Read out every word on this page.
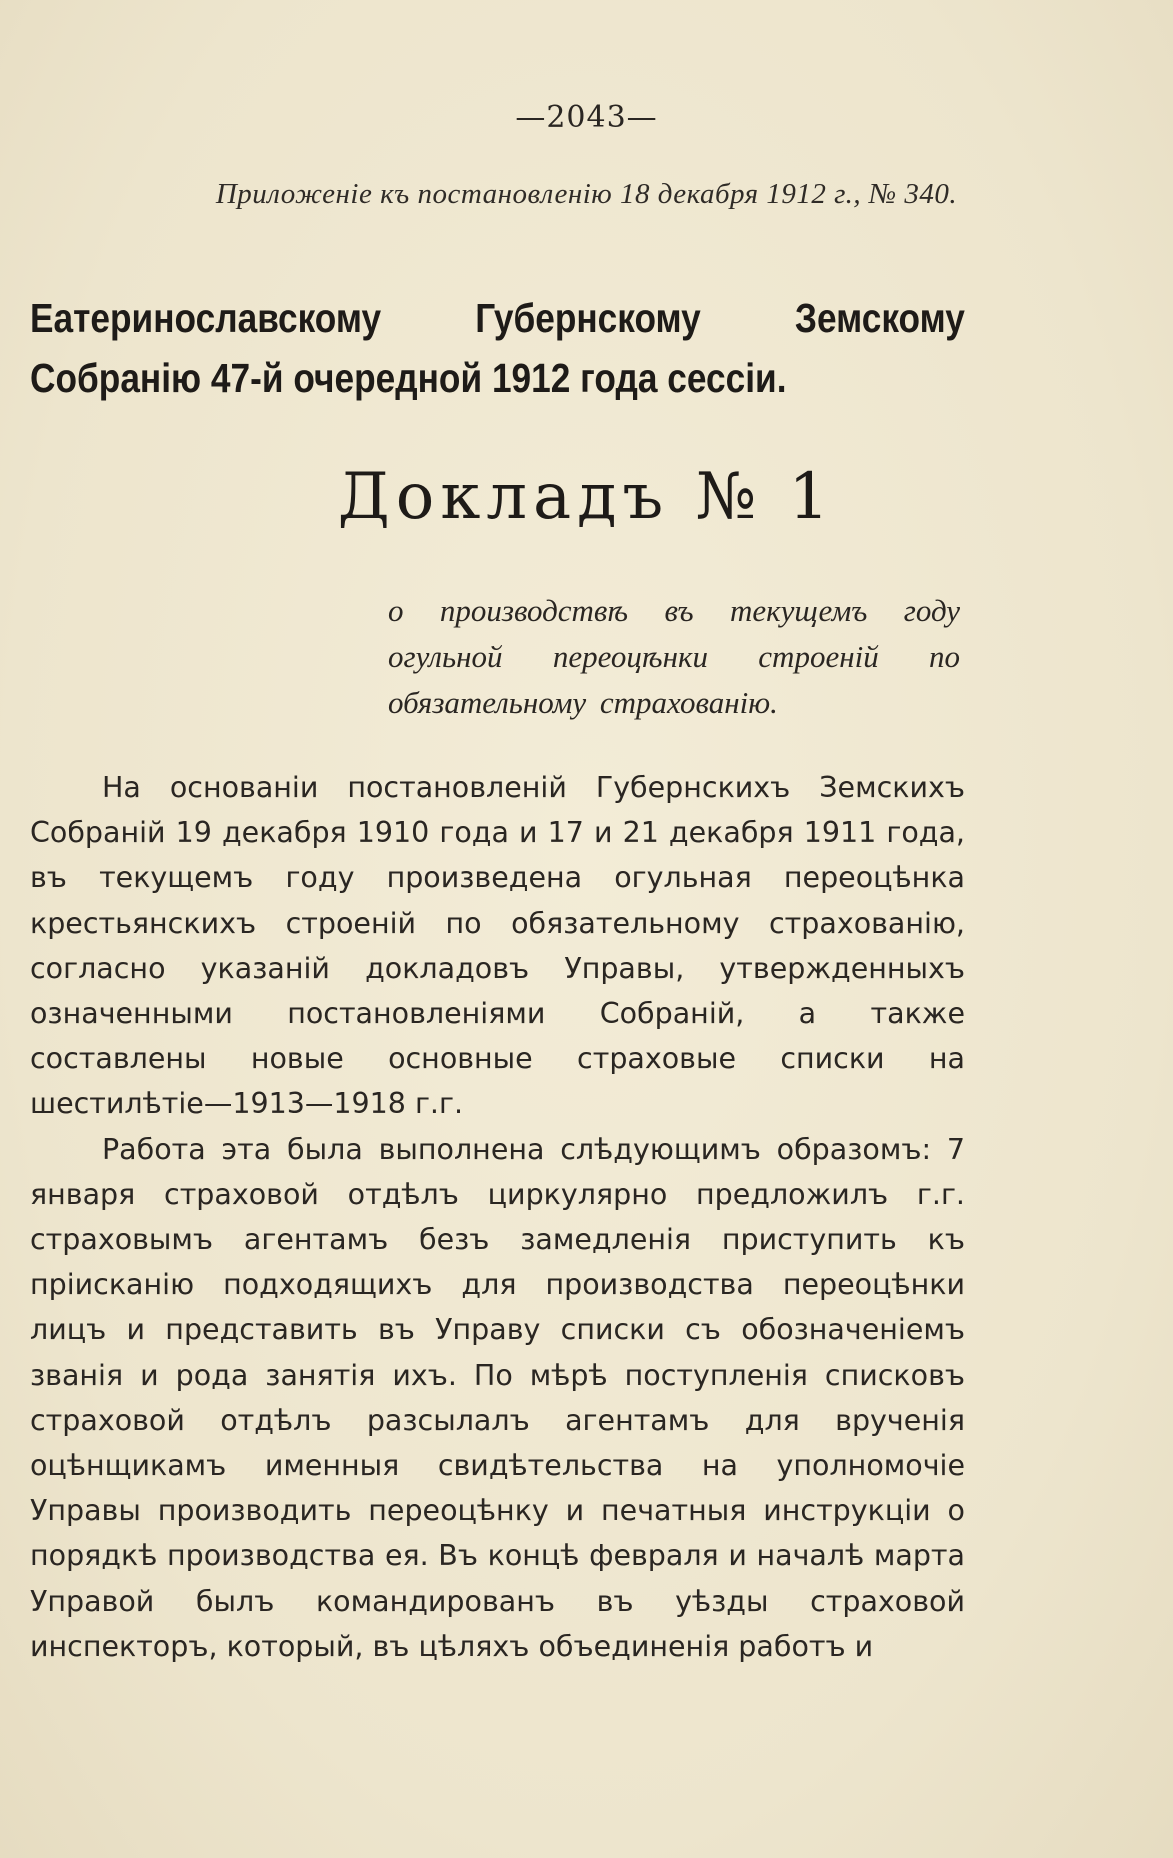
—2043—
Приложеніе къ постановленію 18 декабря 1912 г., № 340.
Еатеринославскому Губернскому Земскому Собранію 47-й очередной 1912 года сессіи.
Докладъ № 1
о производствѣ въ текущемъ году огульной переоцѣнки строеній по обязательному страхованію.

На основаніи постановленій Губернскихъ Земскихъ Собраній 19 декабря 1910 года и 17 и 21 декабря 1911 года, въ текущемъ году произведена огульная переоцѣнка крестьянскихъ строеній по обязательному страхованію, согласно указаній докладовъ Управы, утвержденныхъ означенными постановленіями Собраній, а также составлены новые основные страховые списки на шестилѣтіе—1913—1918 г.г.

Работа эта была выполнена слѣдующимъ образомъ: 7 января страховой отдѣлъ циркулярно предложилъ г.г. страховымъ агентамъ безъ замедленія приступить къ пріисканію подходящихъ для производства переоцѣнки лицъ и представить въ Управу списки съ обозначеніемъ званія и рода занятія ихъ. По мѣрѣ поступленія списковъ страховой отдѣлъ разсылалъ агентамъ для врученія оцѣнщикамъ именныя свидѣтельства на уполномочіе Управы производить переоцѣнку и печатныя инструкціи о порядкѣ производства ея. Въ концѣ февраля и началѣ марта Управой былъ командированъ въ уѣзды страховой инспекторъ, который, въ цѣляхъ объединенія работъ и
